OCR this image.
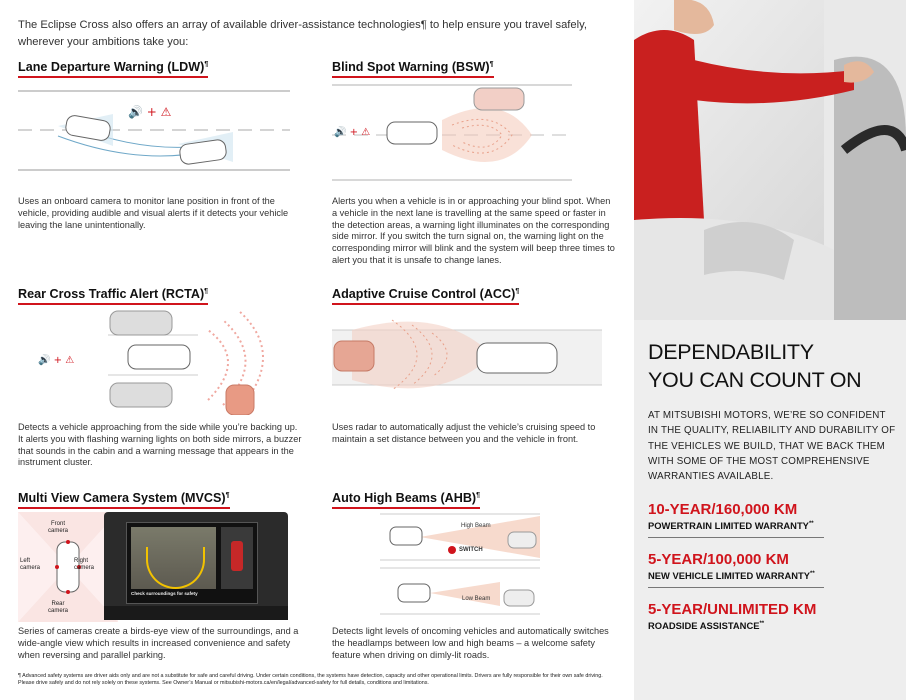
The Eclipse Cross also offers an array of available driver-assistance technologies¶ to help ensure you travel safely, wherever your ambitions take you:
Lane Departure Warning (LDW)¶
🔊 + ⚠
Uses an onboard camera to monitor lane position in front of the vehicle, providing audible and visual alerts if it detects your vehicle leaving the lane unintentionally.
Blind Spot Warning (BSW)¶
🔊 + ⚠
Alerts you when a vehicle is in or approaching your blind spot. When a vehicle in the next lane is travelling at the same speed or faster in the detection areas, a warning light illuminates on the corresponding side mirror. If you switch the turn signal on, the warning light on the corresponding mirror will blink and the system will beep three times to alert you that it is unsafe to change lanes.
Rear Cross Traffic Alert (RCTA)¶
🔊 + ⚠
Detects a vehicle approaching from the side while you’re backing up. It alerts you with flashing warning lights on both side mirrors, a buzzer that sounds in the cabin and a warning message that appears in the instrument cluster.
Adaptive Cruise Control (ACC)¶
Uses radar to automatically adjust the vehicle’s cruising speed to maintain a set distance between you and the vehicle in front.
Multi View Camera System (MVCS)¶
Front
camera
Left
camera
Right
camera
Rear
camera
Check surroundings for safety
Series of cameras create a birds-eye view of the surroundings, and a wide-angle view which results in increased convenience and safety when reversing and parallel parking.
Auto High Beams (AHB)¶
High Beam
SWITCH
Low Beam
Detects light levels of oncoming vehicles and automatically switches the headlamps between low and high beams – a welcome safety feature when driving on dimly-lit roads.
¶ Advanced safety systems are driver aids only and are not a substitute for safe and careful driving. Under certain conditions, the systems have detection, capacity and other operational limits. Drivers are fully responsible for their own safe driving. Please drive safely and do not rely solely on these systems. See Owner’s Manual or mitsubishi-motors.ca/en/legal/advanced-safety for full details, conditions and limitations.
DEPENDABILITY
YOU CAN COUNT ON
AT MITSUBISHI MOTORS, WE’RE SO CONFIDENT IN THE QUALITY, RELIABILITY AND DURABILITY OF THE VEHICLES WE BUILD, THAT WE BACK THEM WITH SOME OF THE MOST COMPREHENSIVE WARRANTIES AVAILABLE.
10-YEAR/160,000 KM
POWERTRAIN LIMITED WARRANTY**
5-YEAR/100,000 KM
NEW VEHICLE LIMITED WARRANTY**
5-YEAR/UNLIMITED KM
ROADSIDE ASSISTANCE**
